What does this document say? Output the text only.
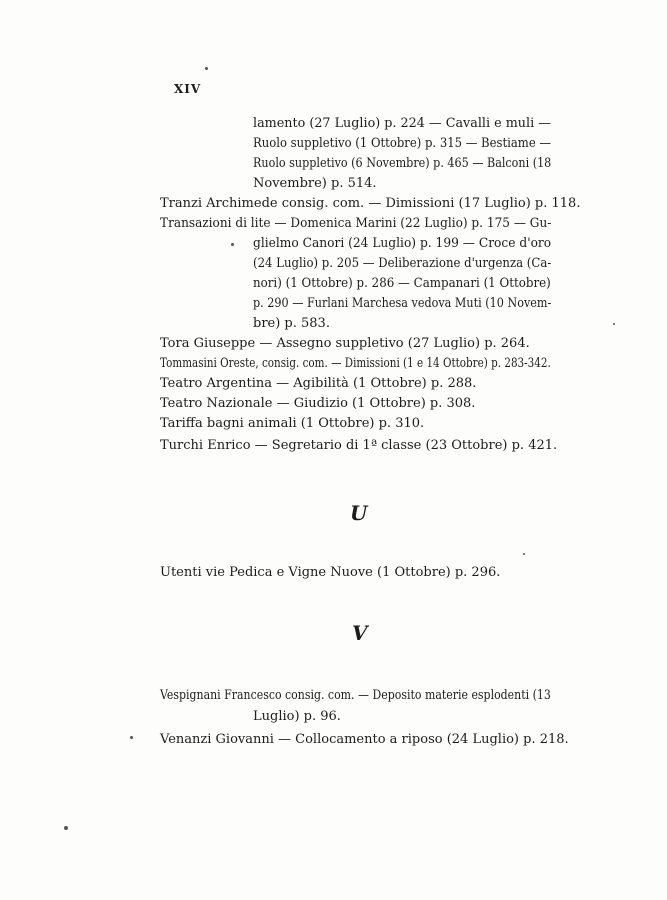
XIV
lamento (27 Luglio) p. 224 — Cavalli e muli —
Ruolo suppletivo (1 Ottobre) p. 315 — Bestiame —
Ruolo suppletivo (6 Novembre) p. 465 — Balconi (18
Novembre) p. 514.
Tranzi Archimede consig. com. — Dimissioni (17 Luglio) p. 118.
Transazioni di lite — Domenica Marini (22 Luglio) p. 175 — Gu-
glielmo Canori (24 Luglio) p. 199 — Croce d'oro
(24 Luglio) p. 205 — Deliberazione d'urgenza (Ca-
nori) (1 Ottobre) p. 286 — Campanari (1 Ottobre)
p. 290 — Furlani Marchesa vedova Muti (10 Novem-
bre) p. 583.
Tora Giuseppe — Assegno suppletivo (27 Luglio) p. 264.
Tommasini Oreste, consig. com. — Dimissioni (1 e 14 Ottobre) p. 283-342.
Teatro Argentina — Agibilità (1 Ottobre) p. 288.
Teatro Nazionale — Giudizio (1 Ottobre) p. 308.
Tariffa bagni animali (1 Ottobre) p. 310.
Turchi Enrico — Segretario di 1ª classe (23 Ottobre) p. 421.
U
Utenti vie Pedica e Vigne Nuove (1 Ottobre) p. 296.
V
Vespignani Francesco consig. com. — Deposito materie esplodenti (13
Luglio) p. 96.
Venanzi Giovanni — Collocamento a riposo (24 Luglio) p. 218.
